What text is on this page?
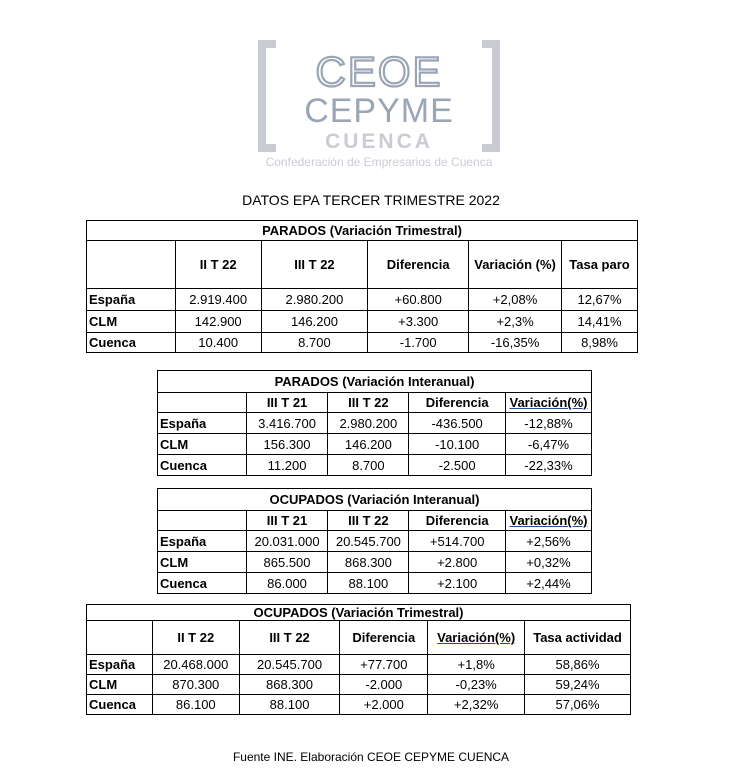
CEOE
CEPYME
CUENCA
Confederación de Empresarios de Cuenca
DATOS EPA TERCER TRIMESTRE 2022
PARADOS (Variación Trimestral)					
	II T 22	III T 22	Diferencia	Variación (%)	Tasa paro
España	2.919.400	2.980.200	+60.800	+2,08%	12,67%
CLM	142.900	146.200	+3.300	+2,3%	14,41%
Cuenca	10.400	8.700	-1.700	-16,35%	8,98%
PARADOS (Variación Interanual)				
	III T 21	III T 22	Diferencia	Variación(%)
España	3.416.700	2.980.200	-436.500	-12,88%
CLM	156.300	146.200	-10.100	-6,47%
Cuenca	11.200	8.700	-2.500	-22,33%
OCUPADOS (Variación Interanual)				
	III T 21	III T 22	Diferencia	Variación(%)
España	20.031.000	20.545.700	+514.700	+2,56%
CLM	865.500	868.300	+2.800	+0,32%
Cuenca	86.000	88.100	+2.100	+2,44%
OCUPADOS (Variación Trimestral)					
	II T 22	III T 22	Diferencia	Variación(%)	Tasa actividad
España	20.468.000	20.545.700	+77.700	+1,8%	58,86%
CLM	870.300	868.300	-2.000	-0,23%	59,24%
Cuenca	86.100	88.100	+2.000	+2,32%	57,06%
Fuente INE. Elaboración CEOE CEPYME CUENCA
